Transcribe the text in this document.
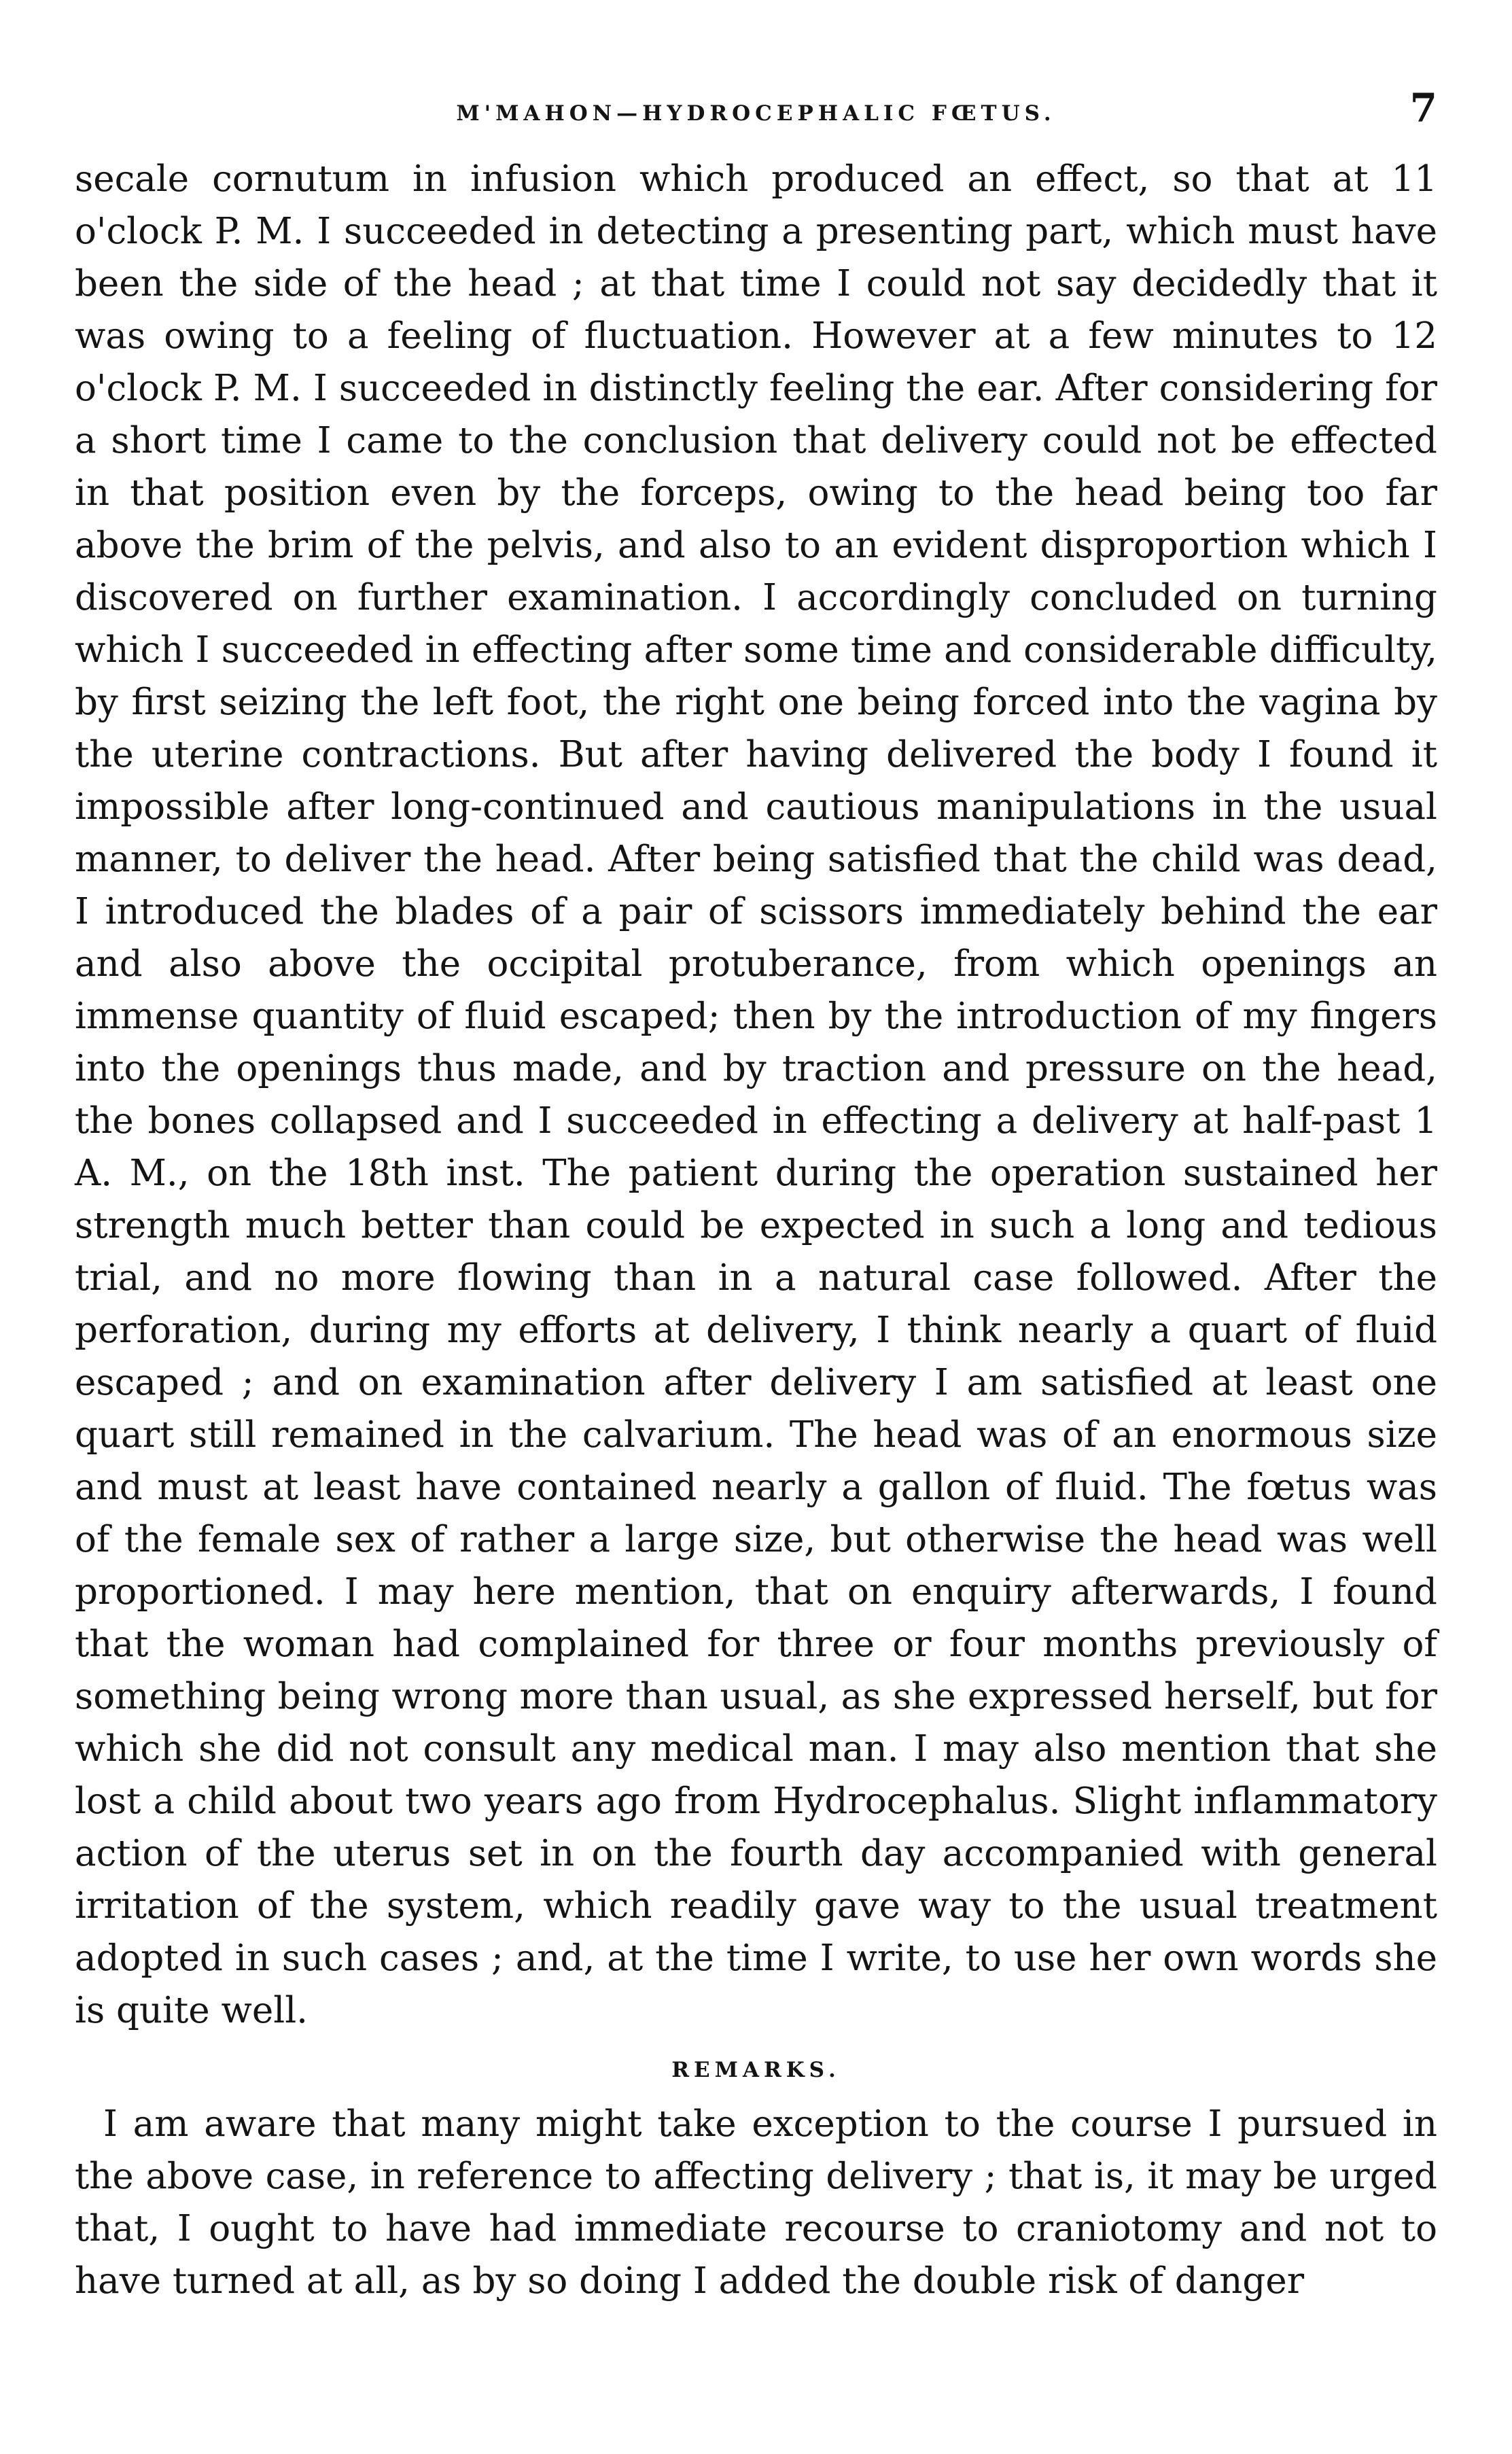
M'MAHON—HYDROCEPHALIC FŒTUS.	7

secale cornutum in infusion which produced an effect, so that at 11 o'clock P. M. I succeeded in detecting a presenting part, which must have been the side of the head ; at that time I could not say decidedly that it was owing to a feeling of fluctuation. However at a few minutes to 12 o'clock P. M. I succeeded in distinctly feeling the ear. After considering for a short time I came to the conclusion that delivery could not be effected in that position even by the forceps, owing to the head being too far above the brim of the pelvis, and also to an evident disproportion which I discovered on further examination. I accordingly concluded on turning which I succeeded in effecting after some time and considerable difficulty, by first seizing the left foot, the right one being forced into the vagina by the uterine contractions. But after having delivered the body I found it impossible after long-continued and cautious manipulations in the usual manner, to deliver the head. After being satisfied that the child was dead, I introduced the blades of a pair of scissors immediately behind the ear and also above the occipital protuberance, from which openings an immense quantity of fluid escaped; then by the introduction of my fingers into the openings thus made, and by traction and pressure on the head, the bones collapsed and I succeeded in effecting a delivery at half-past 1 A. M., on the 18th inst. The patient during the operation sustained her strength much better than could be expected in such a long and tedious trial, and no more flowing than in a natural case followed. After the perforation, during my efforts at delivery, I think nearly a quart of fluid escaped ; and on examination after delivery I am satisfied at least one quart still remained in the calvarium. The head was of an enormous size and must at least have contained nearly a gallon of fluid. The fœtus was of the female sex of rather a large size, but otherwise the head was well proportioned. I may here mention, that on enquiry afterwards, I found that the woman had complained for three or four months previously of something being wrong more than usual, as she expressed herself, but for which she did not consult any medical man. I may also mention that she lost a child about two years ago from Hydrocephalus. Slight inflammatory action of the uterus set in on the fourth day accompanied with general irritation of the system, which readily gave way to the usual treatment adopted in such cases ; and, at the time I write, to use her own words she is quite well.

REMARKS.

I am aware that many might take exception to the course I pursued in the above case, in reference to affecting delivery ; that is, it may be urged that, I ought to have had immediate recourse to craniotomy and not to have turned at all, as by so doing I added the double risk of danger
